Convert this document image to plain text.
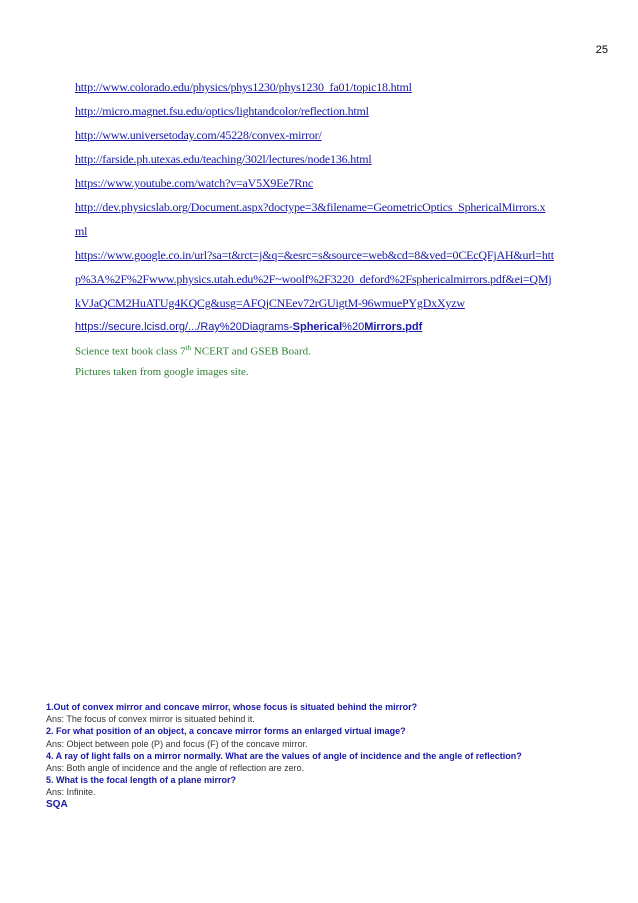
25
http://www.colorado.edu/physics/phys1230/phys1230_fa01/topic18.html
http://micro.magnet.fsu.edu/optics/lightandcolor/reflection.html
http://www.universetoday.com/45228/convex-mirror/
http://farside.ph.utexas.edu/teaching/302l/lectures/node136.html
https://www.youtube.com/watch?v=aV5X9Ee7Rnc
http://dev.physicslab.org/Document.aspx?doctype=3&filename=GeometricOptics_SphericalMirrors.x
ml
https://www.google.co.in/url?sa=t&rct=j&q=&esrc=s&source=web&cd=8&ved=0CEcQFjAH&url=htt
p%3A%2F%2Fwww.physics.utah.edu%2F~woolf%2F3220_deford%2Fsphericalmirrors.pdf&ei=QMj
kVJaQCM2HuATUg4KQCg&usg=AFQjCNEev72rGUigtM-96wmuePYgDxXyzw
https://secure.lcisd.org/.../Ray%20Diagrams-Spherical%20Mirrors.pdf
Science text book class 7th NCERT and GSEB Board.
Pictures taken from google images site.
1.Out of convex mirror and concave mirror, whose focus is situated behind the mirror?
Ans: The focus of convex mirror is situated behind it.
2. For what position of an object, a concave mirror forms an enlarged virtual image?
Ans: Object between pole (P) and focus (F) of the concave mirror.
4. A ray of light falls on a mirror normally. What are the values of angle of incidence and the angle of reflection?
Ans: Both angle of incidence and the angle of reflection are zero.
5. What is the focal length of a plane mirror?
Ans: Infinite.
SQA
